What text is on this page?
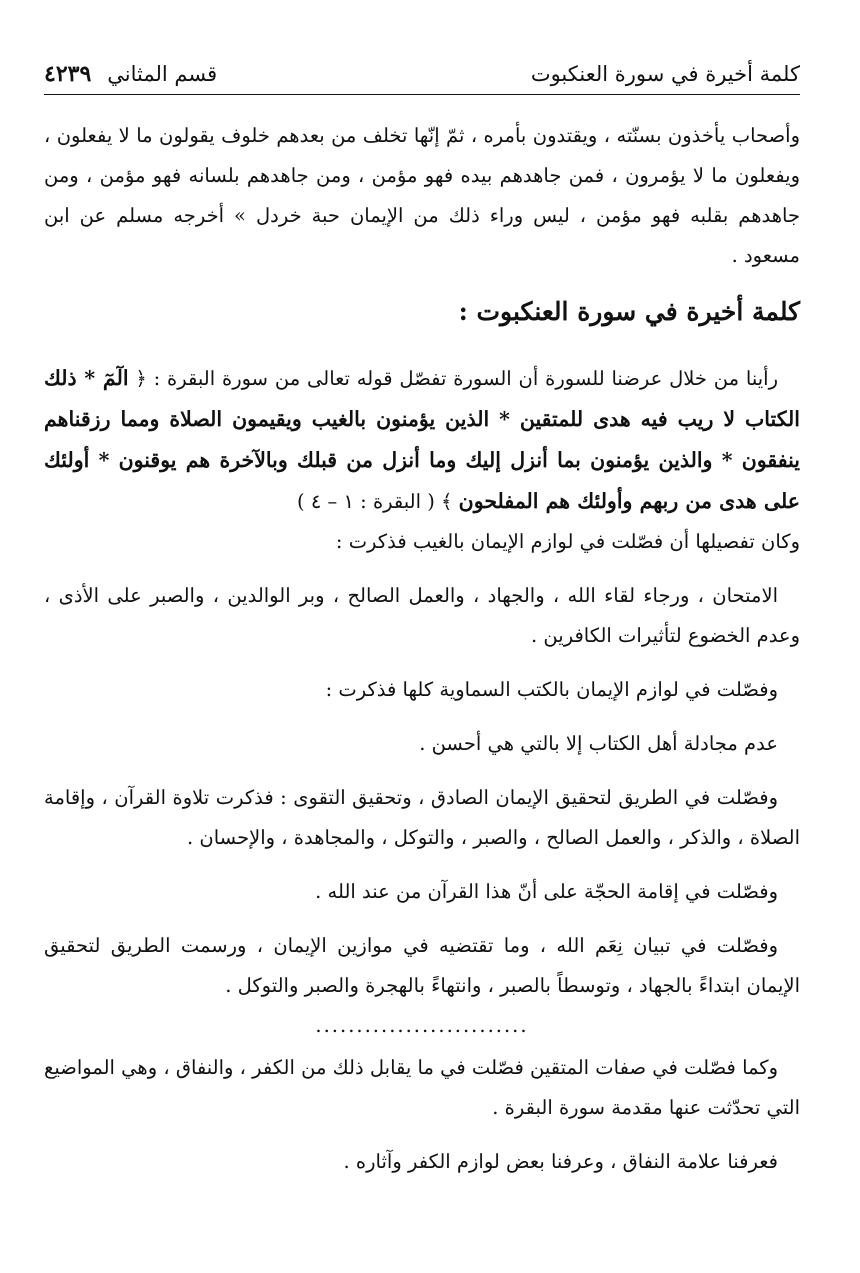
كلمة أخيرة في سورة العنكبوت
قسم المثاني
٤٢٣٩

وأصحاب يأخذون بسنّته ، ويقتدون بأمره ، ثمّ إنّها تخلف من بعدهم خلوف يقولون ما لا يفعلون ، ويفعلون ما لا يؤمرون ، فمن جاهدهم بيده فهو مؤمن ، ومن جاهدهم بلسانه فهو مؤمن ، ومن جاهدهم بقلبه فهو مؤمن ، ليس وراء ذلك من الإيمان حبة خردل » أخرجه مسلم عن ابن مسعود .

كلمة أخيرة في سورة العنكبوت :

رأينا من خلال عرضنا للسورة أن السورة تفصّل قوله تعالى من سورة البقرة : ﴿ الٓمٓ * ذلك الكتاب لا ريب فيه هدى للمتقين * الذين يؤمنون بالغيب ويقيمون الصلاة ومما رزقناهم ينفقون * والذين يؤمنون بما أنزل إليك وما أنزل من قبلك وبالآخرة هم يوقنون * أولئك على هدى من ربهم وأولئك هم المفلحون ﴾ ( البقرة : ١ – ٤ )

وكان تفصيلها أن فصّلت في لوازم الإيمان بالغيب فذكرت :

الامتحان ، ورجاء لقاء الله ، والجهاد ، والعمل الصالح ، وبر الوالدين ، والصبر على الأذى ، وعدم الخضوع لتأثيرات الكافرين .

وفصّلت في لوازم الإيمان بالكتب السماوية كلها فذكرت :

عدم مجادلة أهل الكتاب إلا بالتي هي أحسن .

وفصّلت في الطريق لتحقيق الإيمان الصادق ، وتحقيق التقوى : فذكرت تلاوة القرآن ، وإقامة الصلاة ، والذكر ، والعمل الصالح ، والصبر ، والتوكل ، والمجاهدة ، والإحسان .

وفصّلت في إقامة الحجّة على أنّ هذا القرآن من عند الله .

وفصّلت في تبيان نِعَم الله ، وما تقتضيه في موازين الإيمان ، ورسمت الطريق لتحقيق الإيمان ابتداءً بالجهاد ، وتوسطاً بالصبر ، وانتهاءً بالهجرة والصبر والتوكل .

..........................

وكما فصّلت في صفات المتقين فصّلت في ما يقابل ذلك من الكفر ، والنفاق ، وهي المواضيع التي تحدّثت عنها مقدمة سورة البقرة .

فعرفنا علامة النفاق ، وعرفنا بعض لوازم الكفر وآثاره .
